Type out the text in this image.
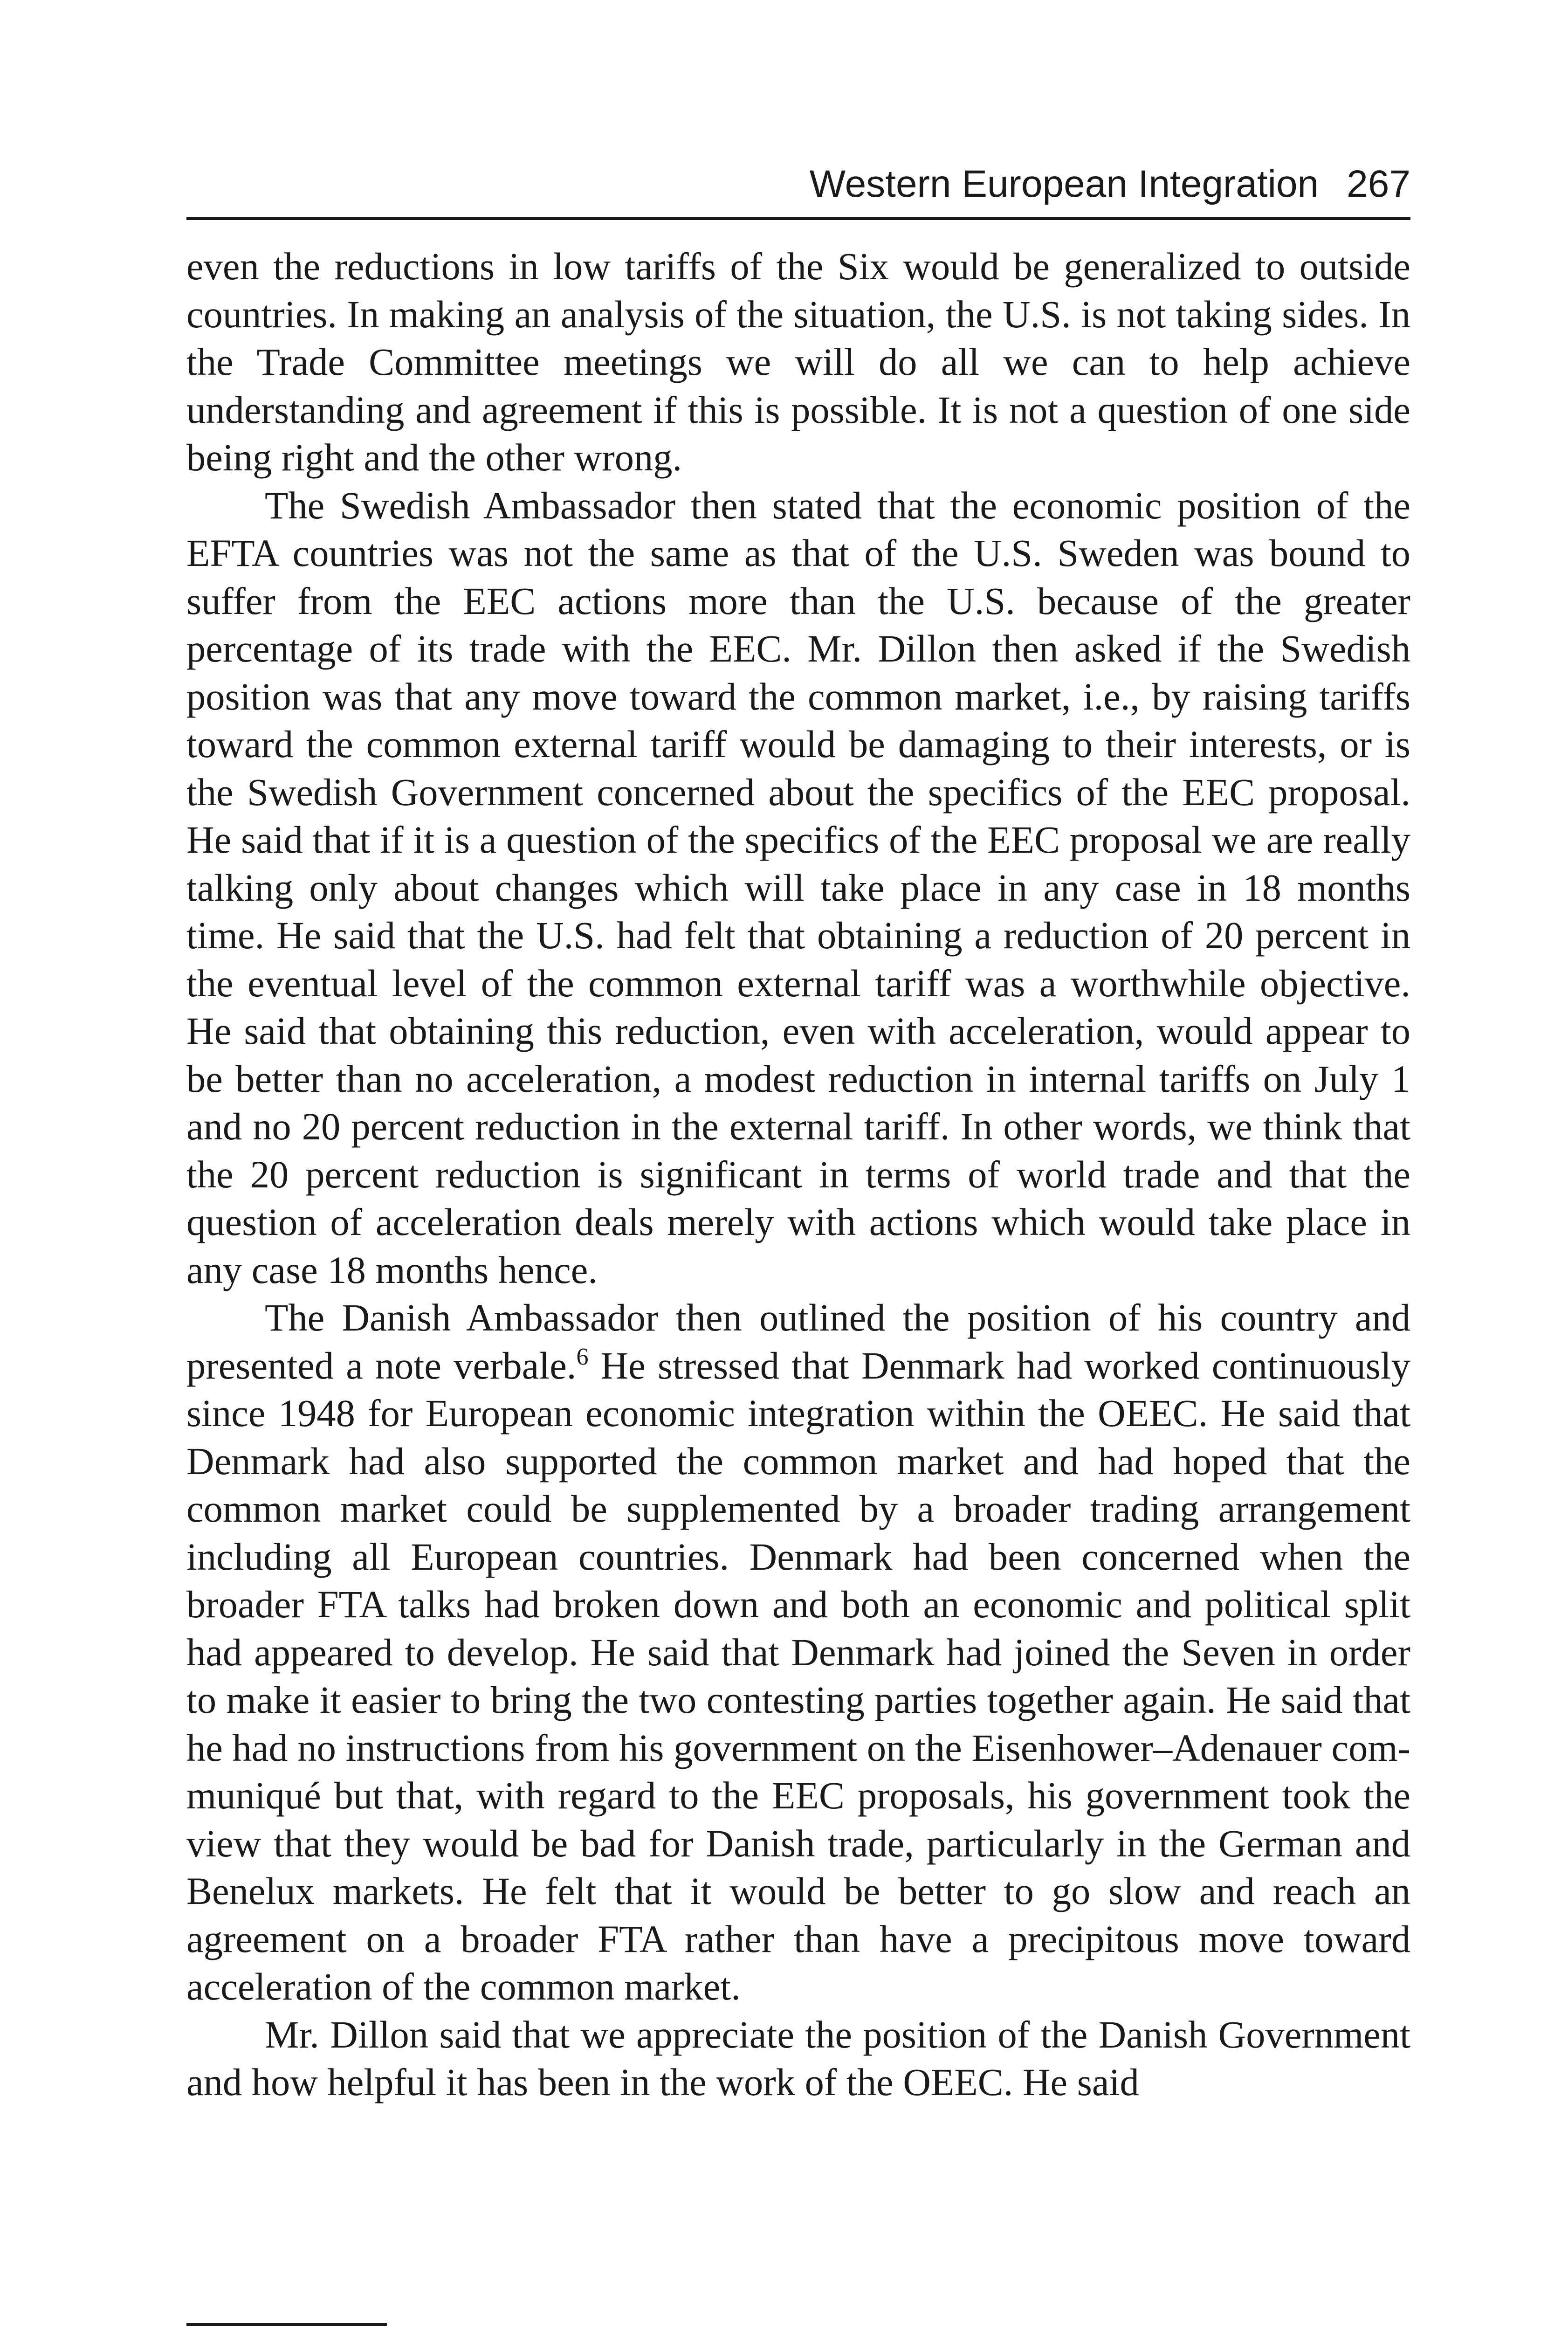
Western European Integration 267

even the reductions in low tariffs of the Six would be generalized to outside countries. In making an analysis of the situation, the U.S. is not taking sides. In the Trade Committee meetings we will do all we can to help achieve understanding and agreement if this is possible. It is not a question of one side being right and the other wrong.

The Swedish Ambassador then stated that the economic position of the EFTA countries was not the same as that of the U.S. Sweden was bound to suffer from the EEC actions more than the U.S. because of the greater percentage of its trade with the EEC. Mr. Dillon then asked if the Swedish position was that any move toward the common market, i.e., by raising tariffs toward the common external tariff would be damaging to their interests, or is the Swedish Government concerned about the specifics of the EEC proposal. He said that if it is a question of the specifics of the EEC proposal we are really talking only about changes which will take place in any case in 18 months time. He said that the U.S. had felt that obtaining a reduction of 20 percent in the eventual level of the common external tariff was a worthwhile objective. He said that obtaining this reduction, even with acceleration, would appear to be better than no acceleration, a modest reduction in internal tariffs on July 1 and no 20 percent reduction in the external tariff. In other words, we think that the 20 percent reduction is significant in terms of world trade and that the question of acceleration deals merely with actions which would take place in any case 18 months hence.

The Danish Ambassador then outlined the position of his country and presented a note verbale.$^6$ He stressed that Denmark had worked continuously since 1948 for European economic integration within the OEEC. He said that Denmark had also supported the common market and had hoped that the common market could be supplemented by a broader trading arrangement including all European countries. Denmark had been concerned when the broader FTA talks had broken down and both an economic and political split had appeared to develop. He said that Denmark had joined the Seven in order to make it easier to bring the two contesting parties together again. He said that he had no instructions from his government on the Eisenhower–Adenauer communiqué but that, with regard to the EEC proposals, his government took the view that they would be bad for Danish trade, particularly in the German and Benelux markets. He felt that it would be better to go slow and reach an agreement on a broader FTA rather than have a precipitous move toward acceleration of the common market.

Mr. Dillon said that we appreciate the position of the Danish Government and how helpful it has been in the work of the OEEC. He said
